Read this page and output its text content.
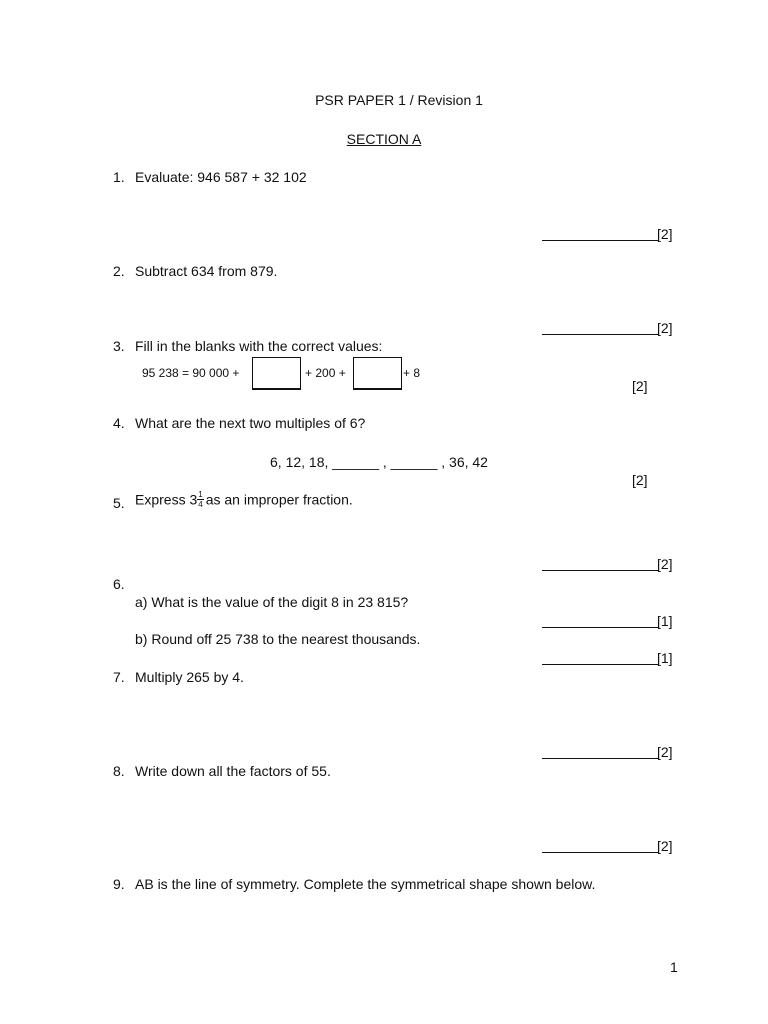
PSR PAPER 1 / Revision 1
SECTION A
1. Evaluate: 946 587 + 32 102
[2]
2. Subtract 634 from 879.
[2]
3. Fill in the blanks with the correct values:
95 238 = 90 000 +	+ 200 +	+ 8
[2]
4. What are the next two multiples of 6?
6, 12, 18, ______ , ______ , 36, 42
[2]
5. Express $3 \frac{1}{4}$ as an improper fraction.
[2]
6.
a) What is the value of the digit 8 in 23 815?
[1]
b) Round off 25 738 to the nearest thousands.
[1]
7. Multiply 265 by 4.
[2]
8. Write down all the factors of 55.
[2]
9. AB is the line of symmetry. Complete the symmetrical shape shown below.
1
